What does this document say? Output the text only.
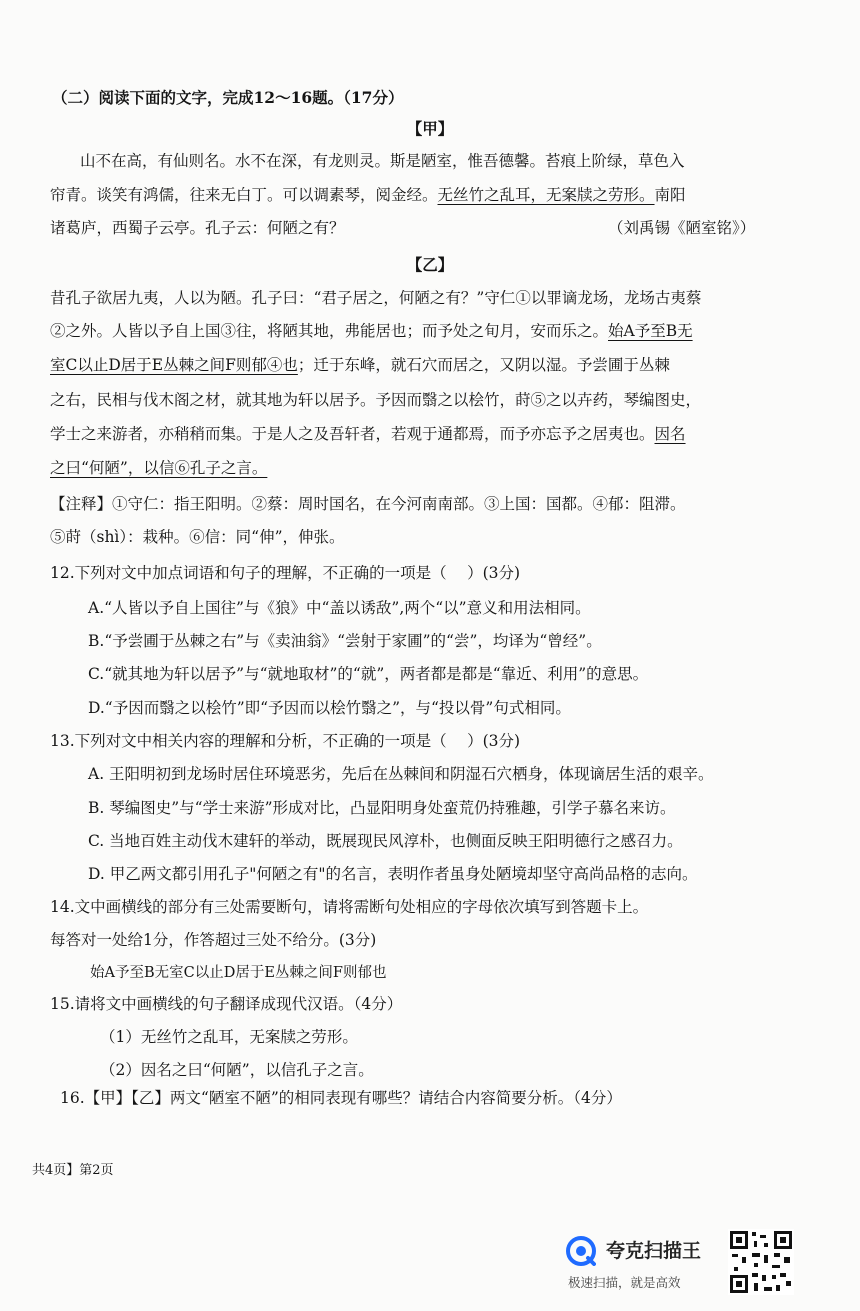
（二）阅读下面的文字，完成12～16题。（17分）
【甲】
山不在高，有仙则名。水不在深，有龙则灵。斯是陋室，惟吾德馨。苔痕上阶绿，草色入
帘青。谈笑有鸿儒，往来无白丁。可以调素琴，阅金经。无丝竹之乱耳，无案牍之劳形。南阳
诸葛庐，西蜀子云亭。孔子云：何陋之有？	（刘禹锡《陋室铭》）
【乙】
昔孔子欲居九夷，人以为陋。孔子曰：“君子居之，何陋之有？”守仁①以罪谪龙场，龙场古夷蔡
②之外。人皆以予自上国③往，将陋其地，弗能居也；而予处之旬月，安而乐之。始A予至B无
室C以止D居于E丛棘之间F则郁④也；迁于东峰，就石穴而居之，又阴以湿。予尝圃于丛棘
之右，民相与伐木阁之材，就其地为轩以居予。予因而翳之以桧竹，莳⑤之以卉药，琴编图史，
学士之来游者，亦稍稍而集。于是人之及吾轩者，若观于通都焉，而予亦忘予之居夷也。因名
之曰“何陋”，以信⑥孔子之言。
【注释】①守仁：指王阳明。②蔡：周时国名，在今河南南部。③上国：国都。④郁：阻滞。
⑤莳（shì）：栽种。⑥信：同“伸”，伸张。
12.下列对文中加点词语和句子的理解，不正确的一项是（　 ）(3分)
A.“人皆以予自上国往”与《狼》中“盖以诱敌”,两个“以”意义和用法相同。
B.“予尝圃于丛棘之右”与《卖油翁》“尝射于家圃”的“尝”，均译为“曾经”。
C.“就其地为轩以居予”与“就地取材”的“就”，两者都是都是“靠近、利用”的意思。
D.“予因而翳之以桧竹”即“予因而以桧竹翳之”，与“投以骨”句式相同。
13.下列对文中相关内容的理解和分析，不正确的一项是（　 ）(3分)
A. 王阳明初到龙场时居住环境恶劣，先后在丛棘间和阴湿石穴栖身，体现谪居生活的艰辛。
B. 琴编图史”与“学士来游”形成对比，凸显阳明身处蛮荒仍持雅趣，引学子慕名来访。
C. 当地百姓主动伐木建轩的举动，既展现民风淳朴，也侧面反映王阳明德行之感召力。
D. 甲乙两文都引用孔子"何陋之有"的名言，表明作者虽身处陋境却坚守高尚品格的志向。
14.文中画横线的部分有三处需要断句，请将需断句处相应的字母依次填写到答题卡上。
每答对一处给1分，作答超过三处不给分。(3分)
始A予至B无室C以止D居于E丛棘之间F则郁也
15.请将文中画横线的句子翻译成现代汉语。（4分）
（1）无丝竹之乱耳，无案牍之劳形。
（2）因名之曰“何陋”，以信孔子之言。
16.【甲】【乙】两文“陋室不陋”的相同表现有哪些？请结合内容简要分析。（4分）
共4页】第2页
夸克扫描王
极速扫描，就是高效
